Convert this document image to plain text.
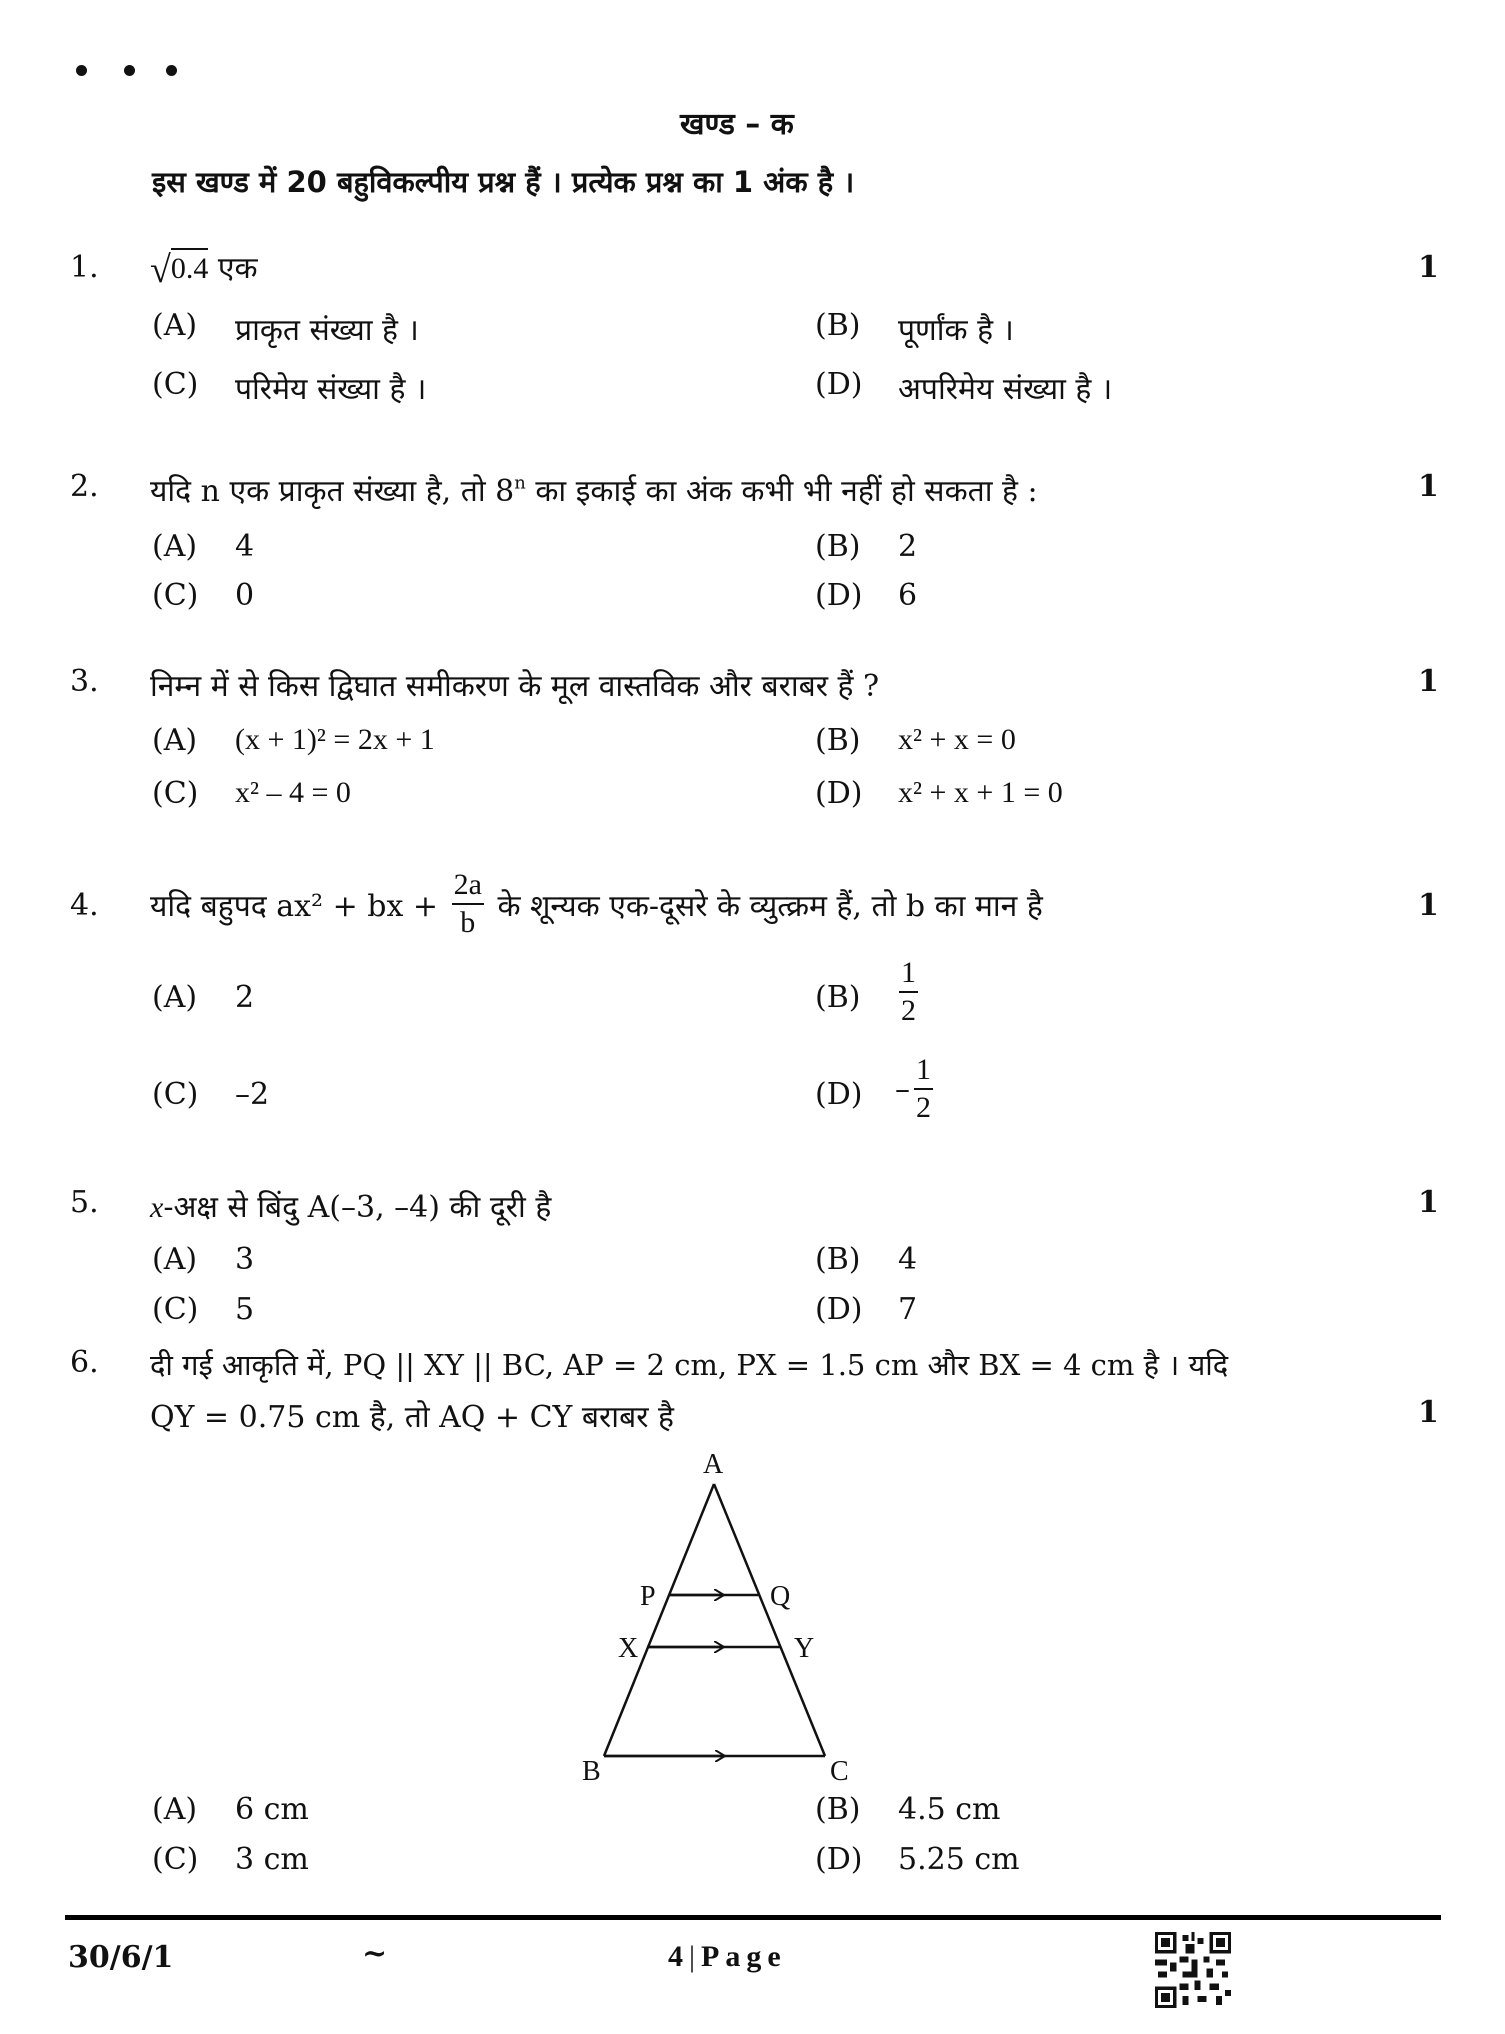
खण्ड – क
इस खण्ड में 20 बहुविकल्पीय प्रश्न हैं । प्रत्येक प्रश्न का 1 अंक है ।
1. √0.4 एक	1
(A) प्राकृत संख्या है ।	(B) पूर्णांक है ।
(C) परिमेय संख्या है ।	(D) अपरिमेय संख्या है ।
2. यदि n एक प्राकृत संख्या है, तो 8$^n$ का इकाई का अंक कभी भी नहीं हो सकता है :	1
(A) 4	(B) 2
(C) 0	(D) 6
3. निम्न में से किस द्विघात समीकरण के मूल वास्तविक और बराबर हैं ?	1
(A) (x + 1)² = 2x + 1	(B) x² + x = 0
(C) x² – 4 = 0	(D) x² + x + 1 = 0
4. यदि बहुपद ax² + bx + $\frac{2a}{b}$ के शून्यक एक-दूसरे के व्युत्क्रम हैं, तो b का मान है	1
(A) 2	$(B) \frac{1}{2}$
(C) –2	$(D) - \frac{1}{2}$
5. x-अक्ष से बिंदु A(–3, –4) की दूरी है	1
(A) 3	(B) 4
(C) 5	(D) 7
6. दी गई आकृति में, PQ || XY || BC, AP = 2 cm, PX = 1.5 cm और BX = 4 cm है । यदि
QY = 0.75 cm है, तो AQ + CY बराबर है	1
A
P	Q
X	Y
B	C
(A) 6 cm	(B) 4.5 cm
(C) 3 cm	(D) 5.25 cm
30/6/1	~	4|Page
